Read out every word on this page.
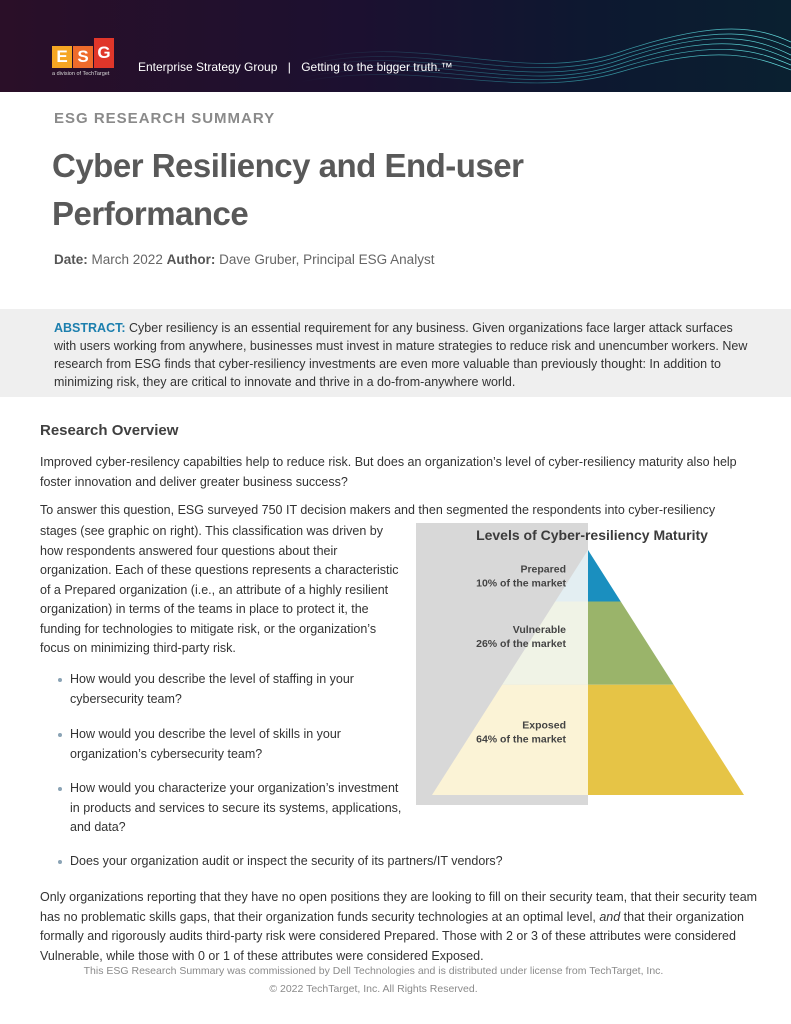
E S G
a division of TechTarget Enterprise Strategy Group | Getting to the bigger truth.™
ESG RESEARCH SUMMARY
Cyber Resiliency and End-user Performance
Date: March 2022 Author: Dave Gruber, Principal ESG Analyst
ABSTRACT: Cyber resiliency is an essential requirement for any business. Given organizations face larger attack surfaces with users working from anywhere, businesses must invest in mature strategies to reduce risk and unencumber workers. New research from ESG finds that cyber-resiliency investments are even more valuable than previously thought: In addition to minimizing risk, they are critical to innovate and thrive in a do-from-anywhere world.
Research Overview
Improved cyber-resilency capabilties help to reduce risk. But does an organization’s level of cyber-resiliency maturity also help foster innovation and deliver greater business success?
To answer this question, ESG surveyed 750 IT decision makers and then segmented the respondents into cyber-resiliency
stages (see graphic on right). This classification was driven by how respondents answered four questions about their organization. Each of these questions represents a characteristic of a Prepared organization (i.e., an attribute of a highly resilient organization) in terms of the teams in place to protect it, the funding for technologies to mitigate risk, or the organization’s focus on minimizing third-party risk.
How would you describe the level of staffing in your cybersecurity team?
How would you describe the level of skills in your organization’s cybersecurity team?
How would you characterize your organization’s investment in products and services to secure its systems, applications, and data?
Does your organization audit or inspect the security of its partners/IT vendors?
Only organizations reporting that they have no open positions they are looking to fill on their security team, that their security team has no problematic skills gaps, that their organization funds security technologies at an optimal level, and that their organization formally and rigorously audits third-party risk were considered Prepared. Those with 2 or 3 of these attributes were considered Vulnerable, while those with 0 or 1 of these attributes were considered Exposed.
Levels of Cyber-resiliency Maturity
Prepared
10% of the market
Vulnerable
26% of the market
Exposed
64% of the market
This ESG Research Summary was commissioned by Dell Technologies and is distributed under license from TechTarget, Inc.
© 2022 TechTarget, Inc. All Rights Reserved.
